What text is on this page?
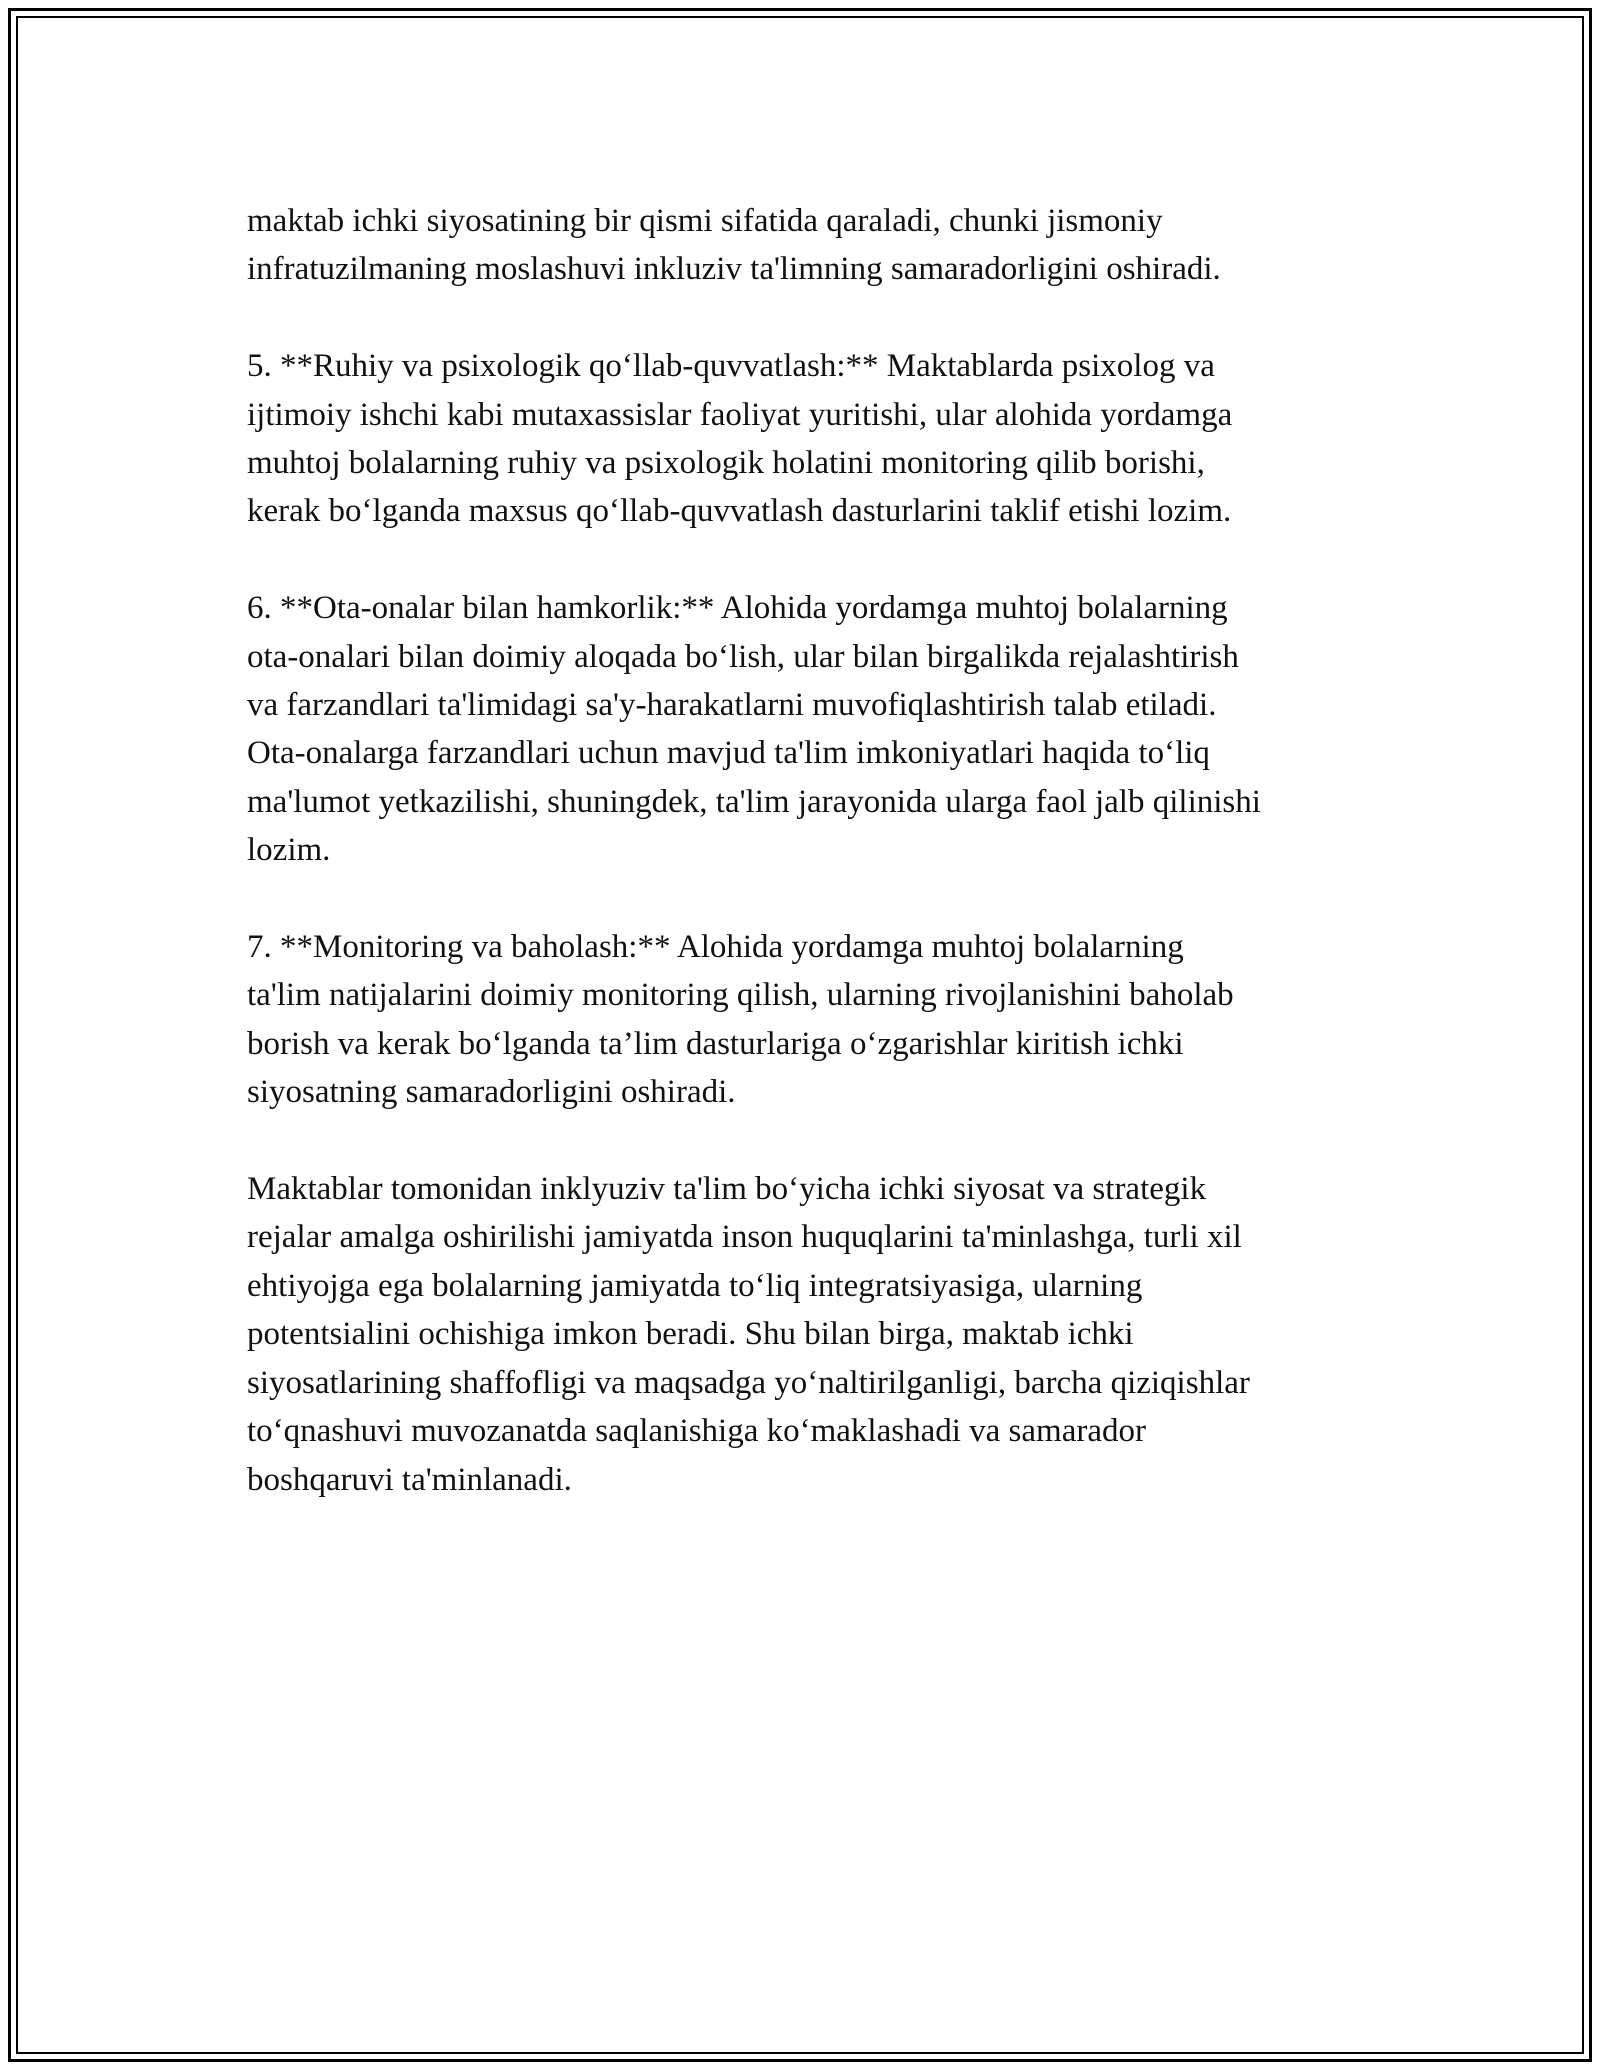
maktab ichki siyosatining bir qismi sifatida qaraladi, chunki jismoniy
infratuzilmaning moslashuvi inkluziv ta'limning samaradorligini oshiradi.

5. **Ruhiy va psixologik qo‘llab-quvvatlash:** Maktablarda psixolog va
ijtimoiy ishchi kabi mutaxassislar faoliyat yuritishi, ular alohida yordamga
muhtoj bolalarning ruhiy va psixologik holatini monitoring qilib borishi,
kerak bo‘lganda maxsus qo‘llab-quvvatlash dasturlarini taklif etishi lozim.

6. **Ota-onalar bilan hamkorlik:** Alohida yordamga muhtoj bolalarning
ota-onalari bilan doimiy aloqada bo‘lish, ular bilan birgalikda rejalashtirish
va farzandlari ta'limidagi sa'y-harakatlarni muvofiqlashtirish talab etiladi.
Ota-onalarga farzandlari uchun mavjud ta'lim imkoniyatlari haqida to‘liq
ma'lumot yetkazilishi, shuningdek, ta'lim jarayonida ularga faol jalb qilinishi
lozim.

7. **Monitoring va baholash:** Alohida yordamga muhtoj bolalarning
ta'lim natijalarini doimiy monitoring qilish, ularning rivojlanishini baholab
borish va kerak bo‘lganda ta’lim dasturlariga o‘zgarishlar kiritish ichki
siyosatning samaradorligini oshiradi.

Maktablar tomonidan inklyuziv ta'lim bo‘yicha ichki siyosat va strategik
rejalar amalga oshirilishi jamiyatda inson huquqlarini ta'minlashga, turli xil
ehtiyojga ega bolalarning jamiyatda to‘liq integratsiyasiga, ularning
potentsialini ochishiga imkon beradi. Shu bilan birga, maktab ichki
siyosatlarining shaffofligi va maqsadga yo‘naltirilganligi, barcha qiziqishlar
to‘qnashuvi muvozanatda saqlanishiga ko‘maklashadi va samarador
boshqaruvi ta'minlanadi.
